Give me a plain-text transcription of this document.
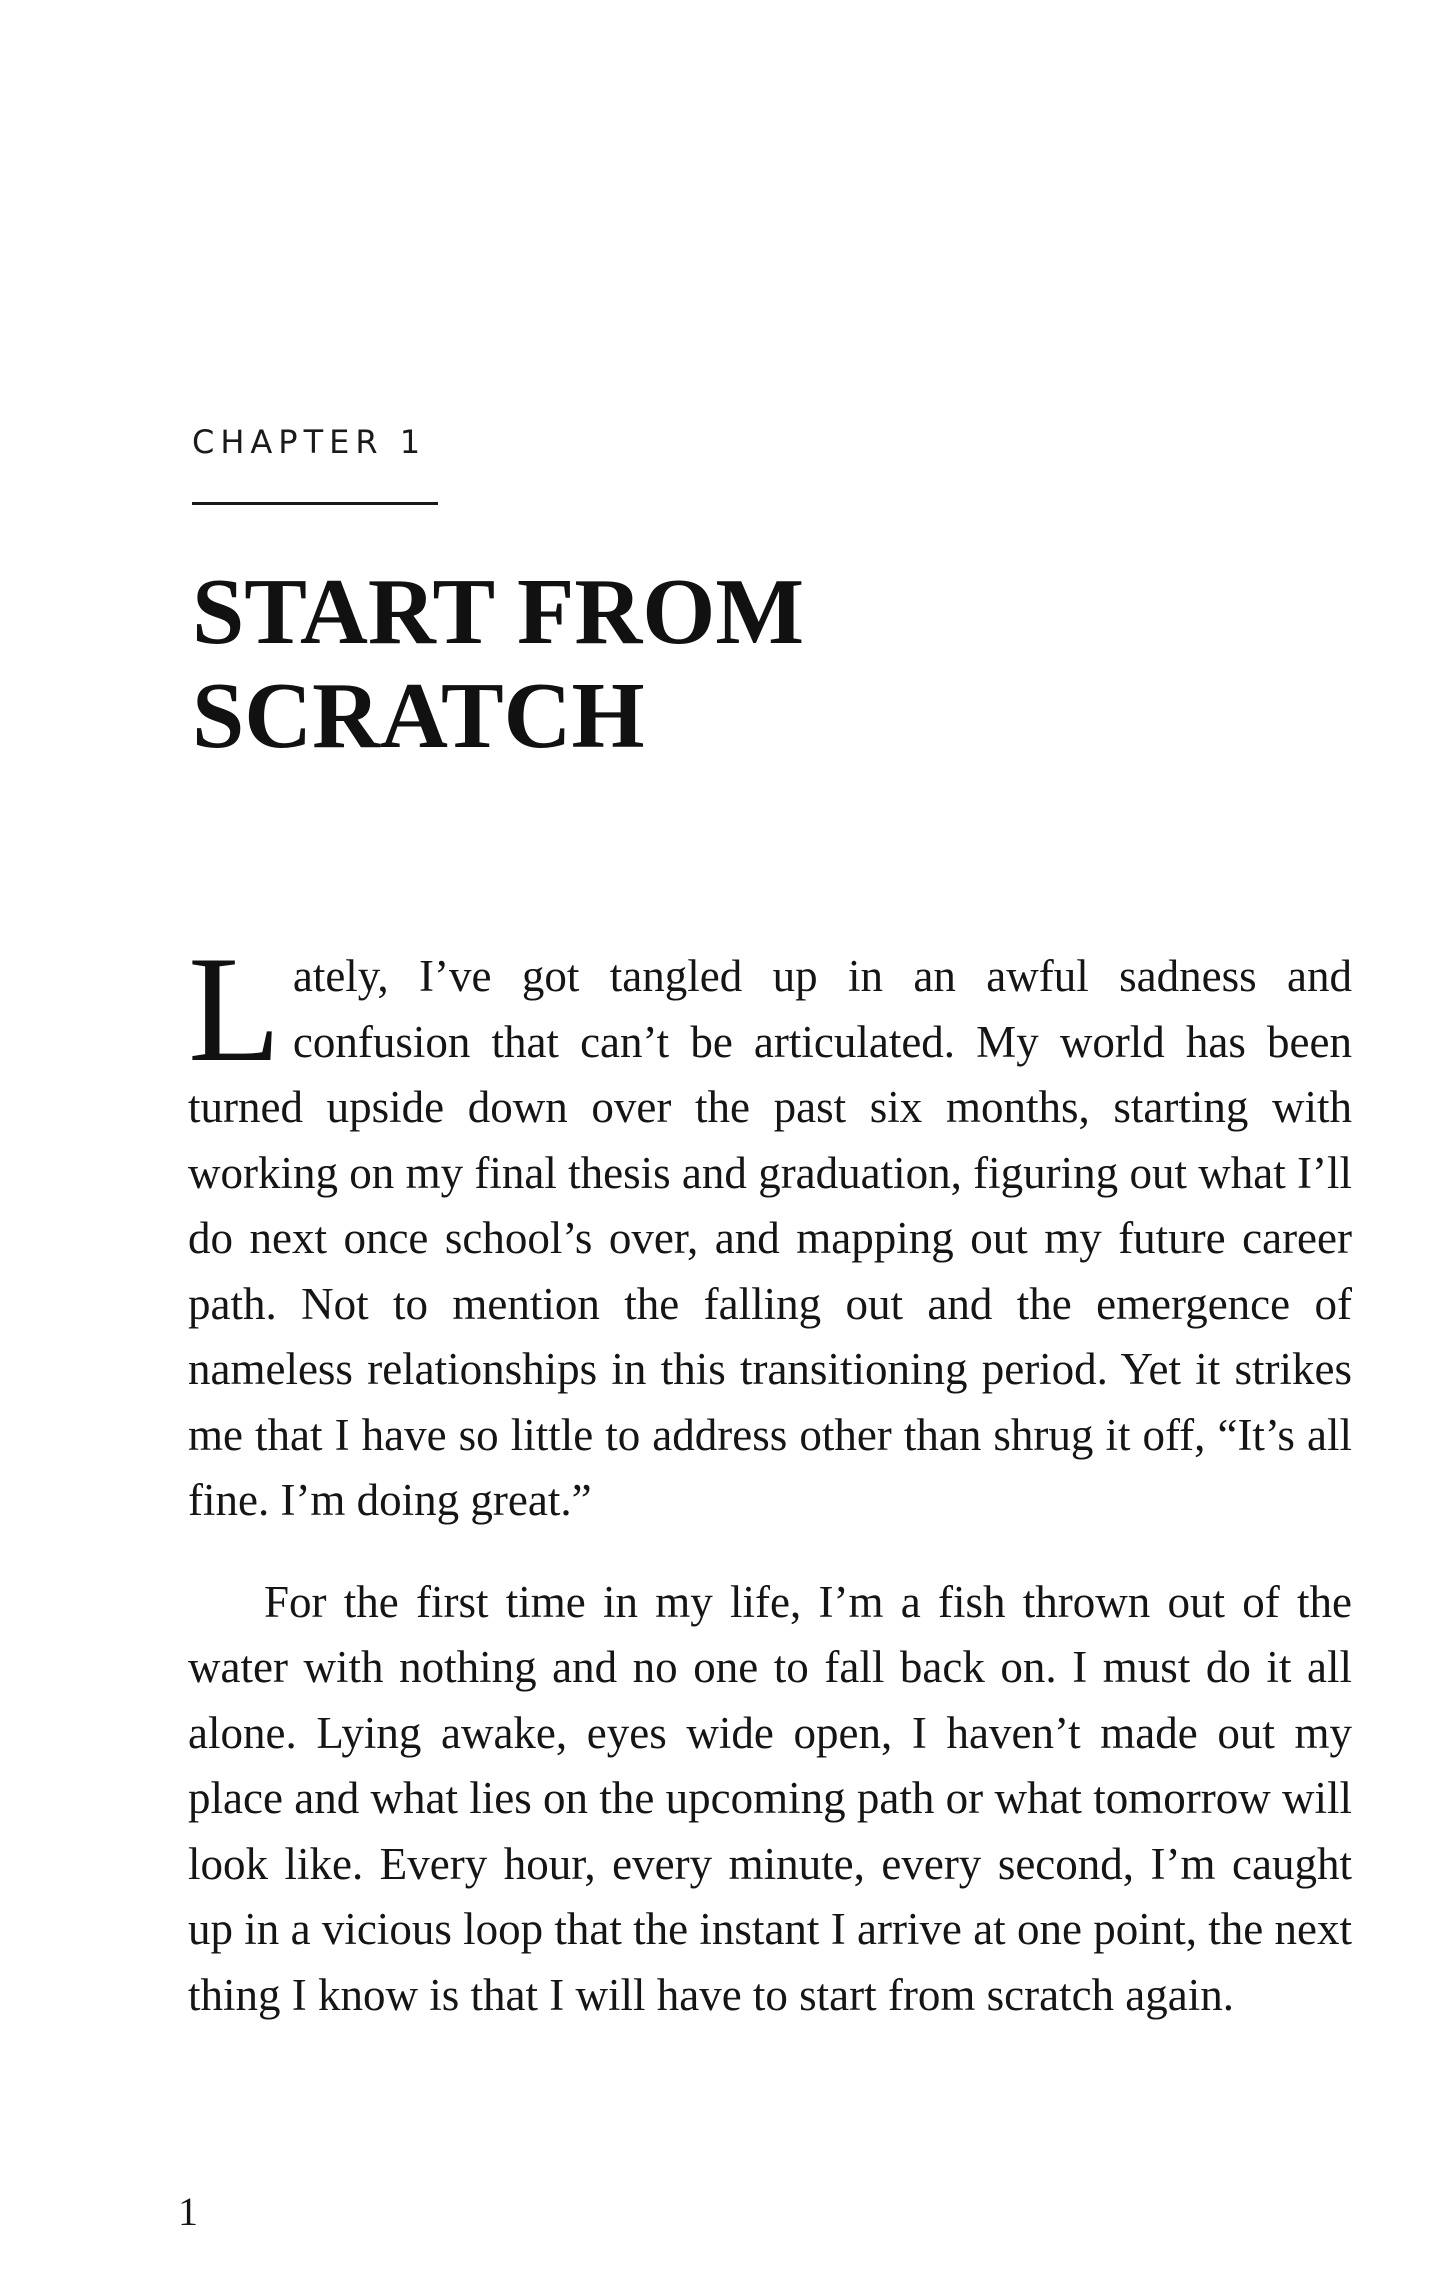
CHAPTER 1

START FROM
SCRATCH

Lately, I’ve got tangled up in an awful sadness and confusion that can’t be articulated. My world has been turned upside down over the past six months, starting with working on my final thesis and graduation, figuring out what I’ll do next once school’s over, and mapping out my future career path. Not to mention the falling out and the emergence of nameless relationships in this transitioning period. Yet it strikes me that I have so little to address other than shrug it off, “It’s all fine. I’m doing great.”

For the first time in my life, I’m a fish thrown out of the water with nothing and no one to fall back on. I must do it all alone. Lying awake, eyes wide open, I haven’t made out my place and what lies on the upcoming path or what tomorrow will look like. Every hour, every minute, every second, I’m caught up in a vicious loop that the instant I arrive at one point, the next thing I know is that I will have to start from scratch again.

1
